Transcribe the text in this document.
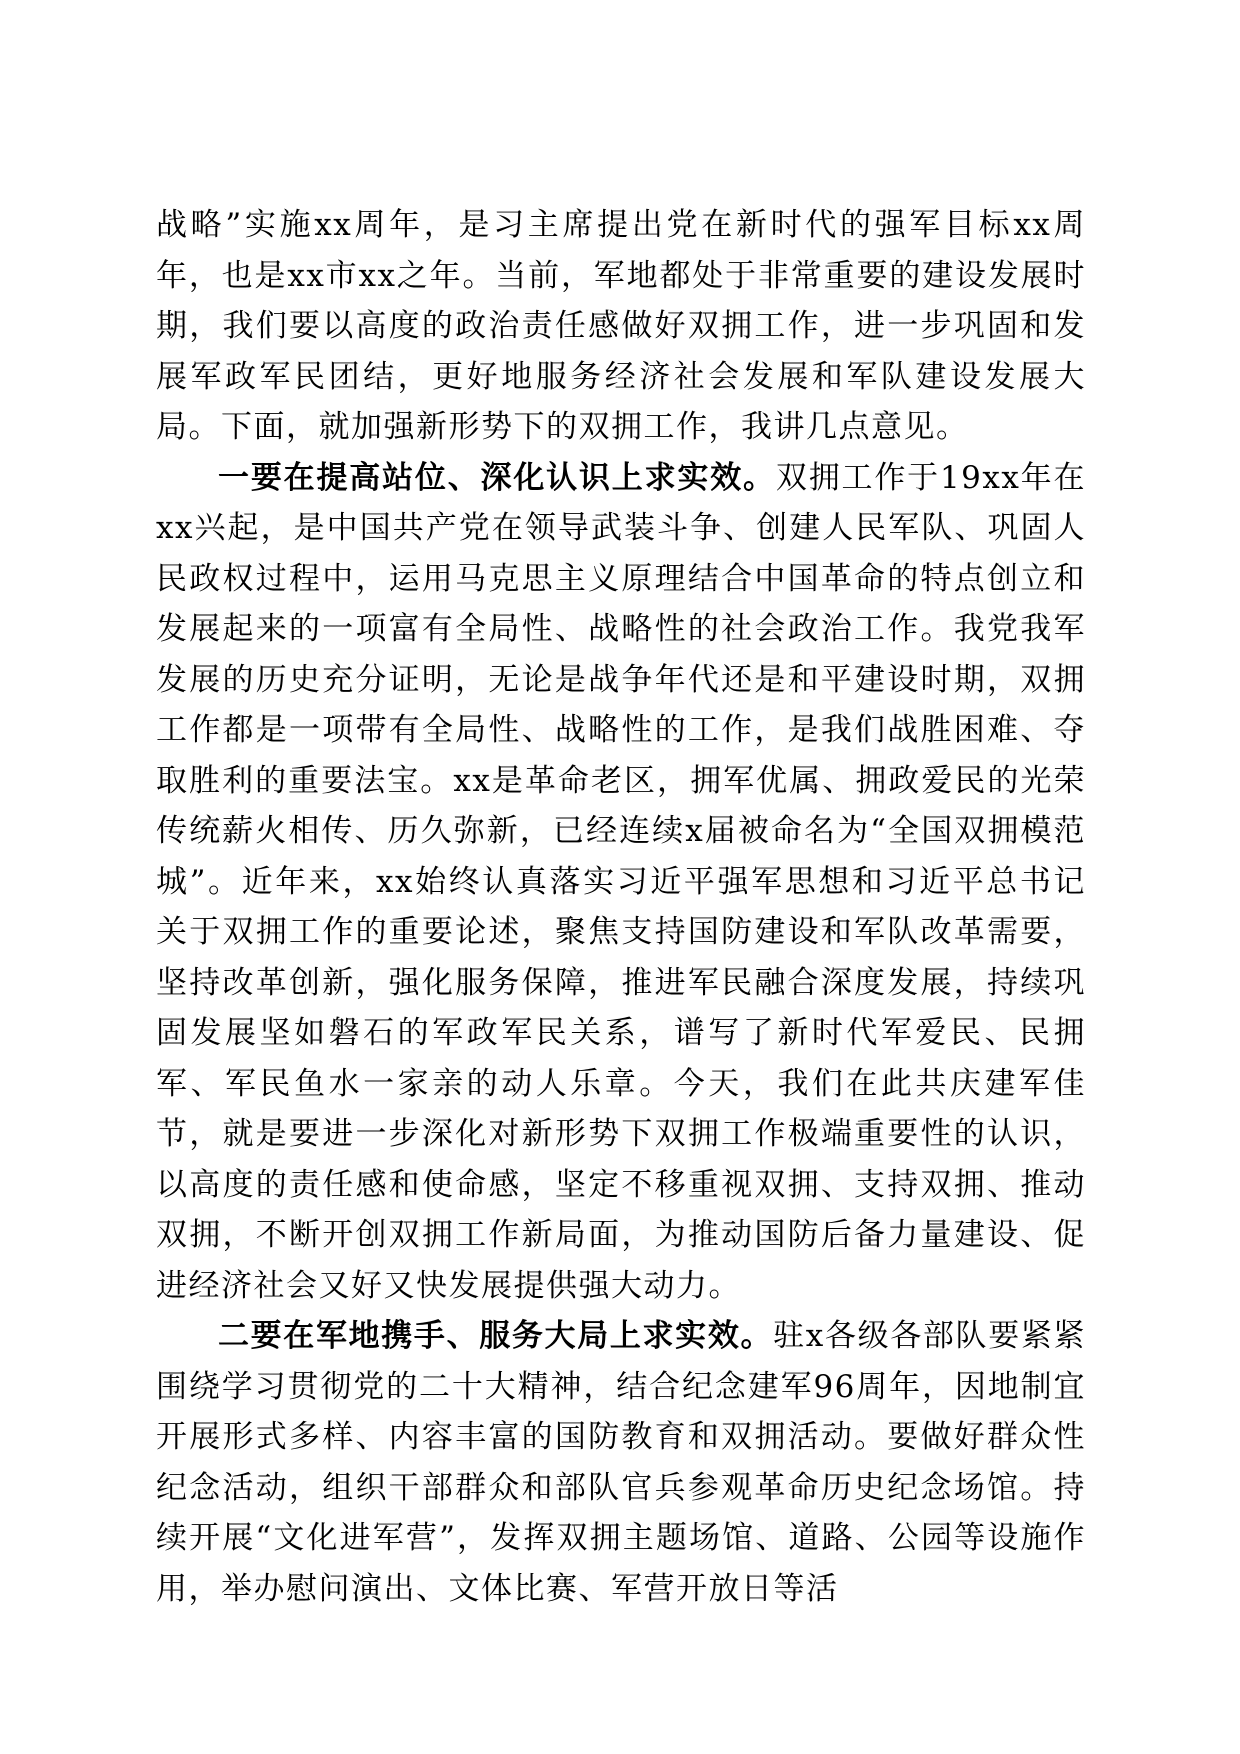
战略”实施xx周年，是习主席提出党在新时代的强军目标xx周年，也是xx市xx之年。当前，军地都处于非常重要的建设发展时期，我们要以高度的政治责任感做好双拥工作，进一步巩固和发展军政军民团结，更好地服务经济社会发展和军队建设发展大局。下面，就加强新形势下的双拥工作，我讲几点意见。

一要在提高站位、深化认识上求实效。双拥工作于19xx年在xx兴起，是中国共产党在领导武装斗争、创建人民军队、巩固人民政权过程中，运用马克思主义原理结合中国革命的特点创立和发展起来的一项富有全局性、战略性的社会政治工作。我党我军发展的历史充分证明，无论是战争年代还是和平建设时期，双拥工作都是一项带有全局性、战略性的工作，是我们战胜困难、夺取胜利的重要法宝。xx是革命老区，拥军优属、拥政爱民的光荣传统薪火相传、历久弥新，已经连续x届被命名为“全国双拥模范城”。近年来，xx始终认真落实习近平强军思想和习近平总书记关于双拥工作的重要论述，聚焦支持国防建设和军队改革需要，坚持改革创新，强化服务保障，推进军民融合深度发展，持续巩固发展坚如磐石的军政军民关系，谱写了新时代军爱民、民拥军、军民鱼水一家亲的动人乐章。今天，我们在此共庆建军佳节，就是要进一步深化对新形势下双拥工作极端重要性的认识，以高度的责任感和使命感，坚定不移重视双拥、支持双拥、推动双拥，不断开创双拥工作新局面，为推动国防后备力量建设、促进经济社会又好又快发展提供强大动力。

二要在军地携手、服务大局上求实效。驻x各级各部队要紧紧围绕学习贯彻党的二十大精神，结合纪念建军96周年，因地制宜开展形式多样、内容丰富的国防教育和双拥活动。要做好群众性纪念活动，组织干部群众和部队官兵参观革命历史纪念场馆。持续开展“文化进军营”，发挥双拥主题场馆、道路、公园等设施作用，举办慰问演出、文体比赛、军营开放日等活
